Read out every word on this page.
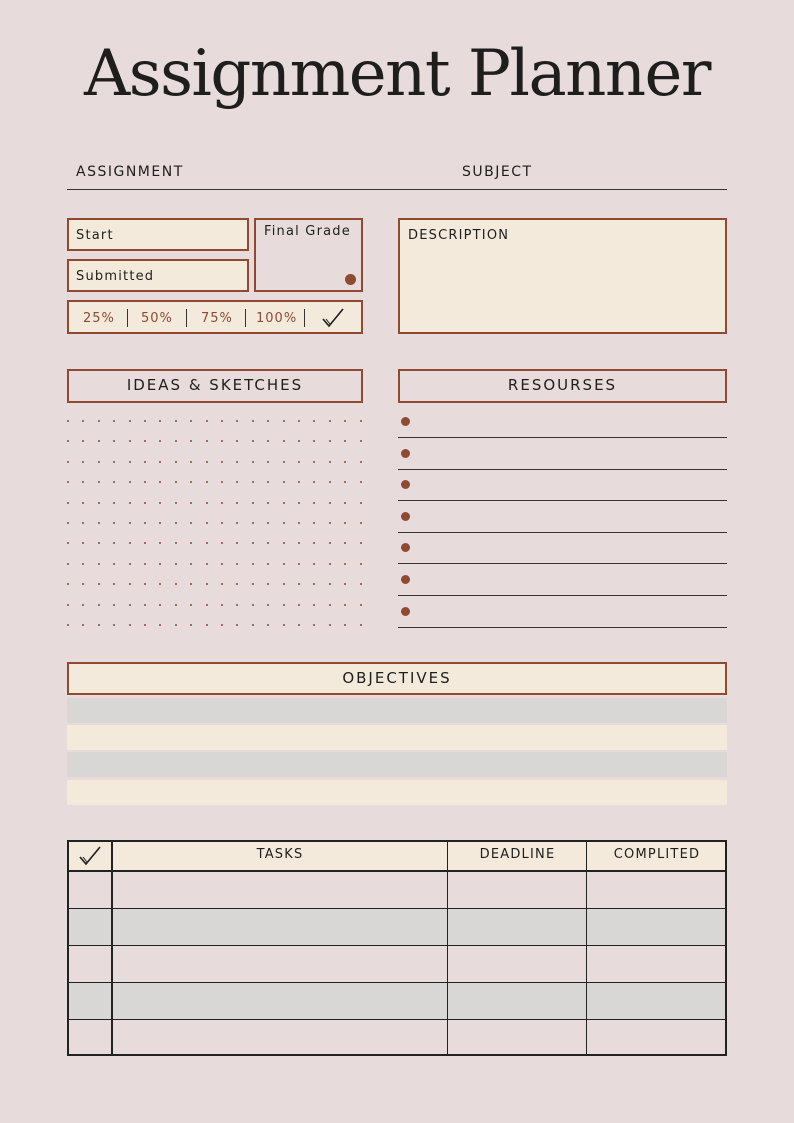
Assignment Planner
ASSIGNMENT	SUBJECT
Start
Submitted
Final Grade
25% 50% 75% 100%
DESCRIPTION
IDEAS & SKETCHES	RESOURSES
OBJECTIVES
TASKS	DEADLINE	COMPLITED
